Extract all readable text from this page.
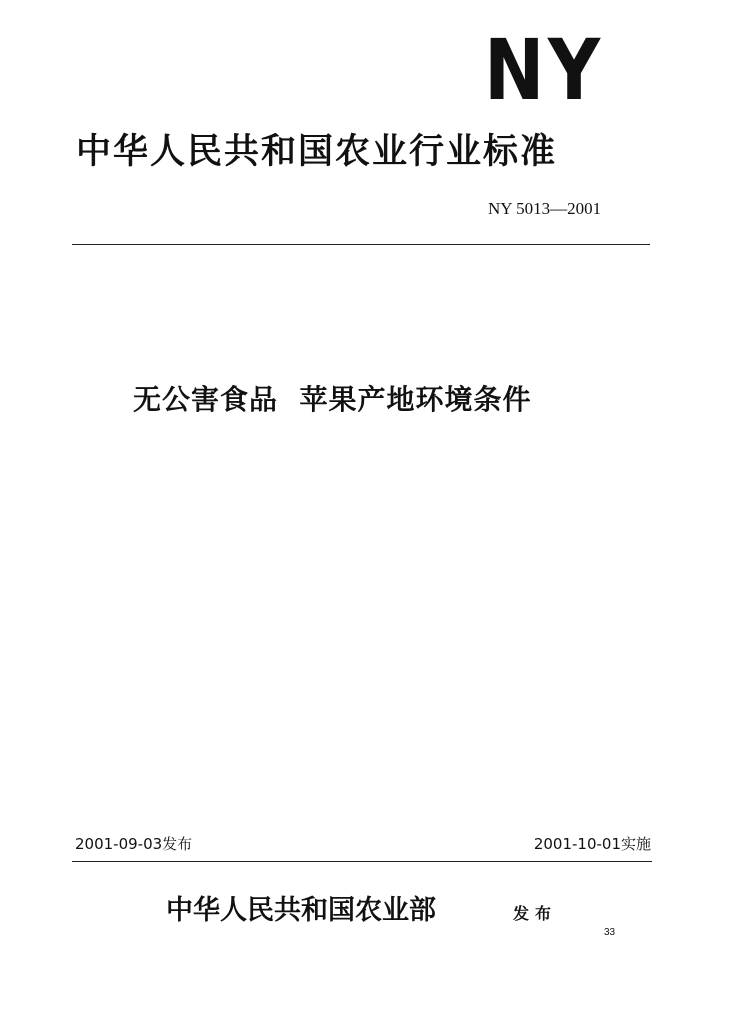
NY
中华人民共和国农业行业标准
NY 5013—2001
无公害食品  苹果产地环境条件
2001-09-03发布	2001-10-01实施
中华人民共和国农业部	发布
33
